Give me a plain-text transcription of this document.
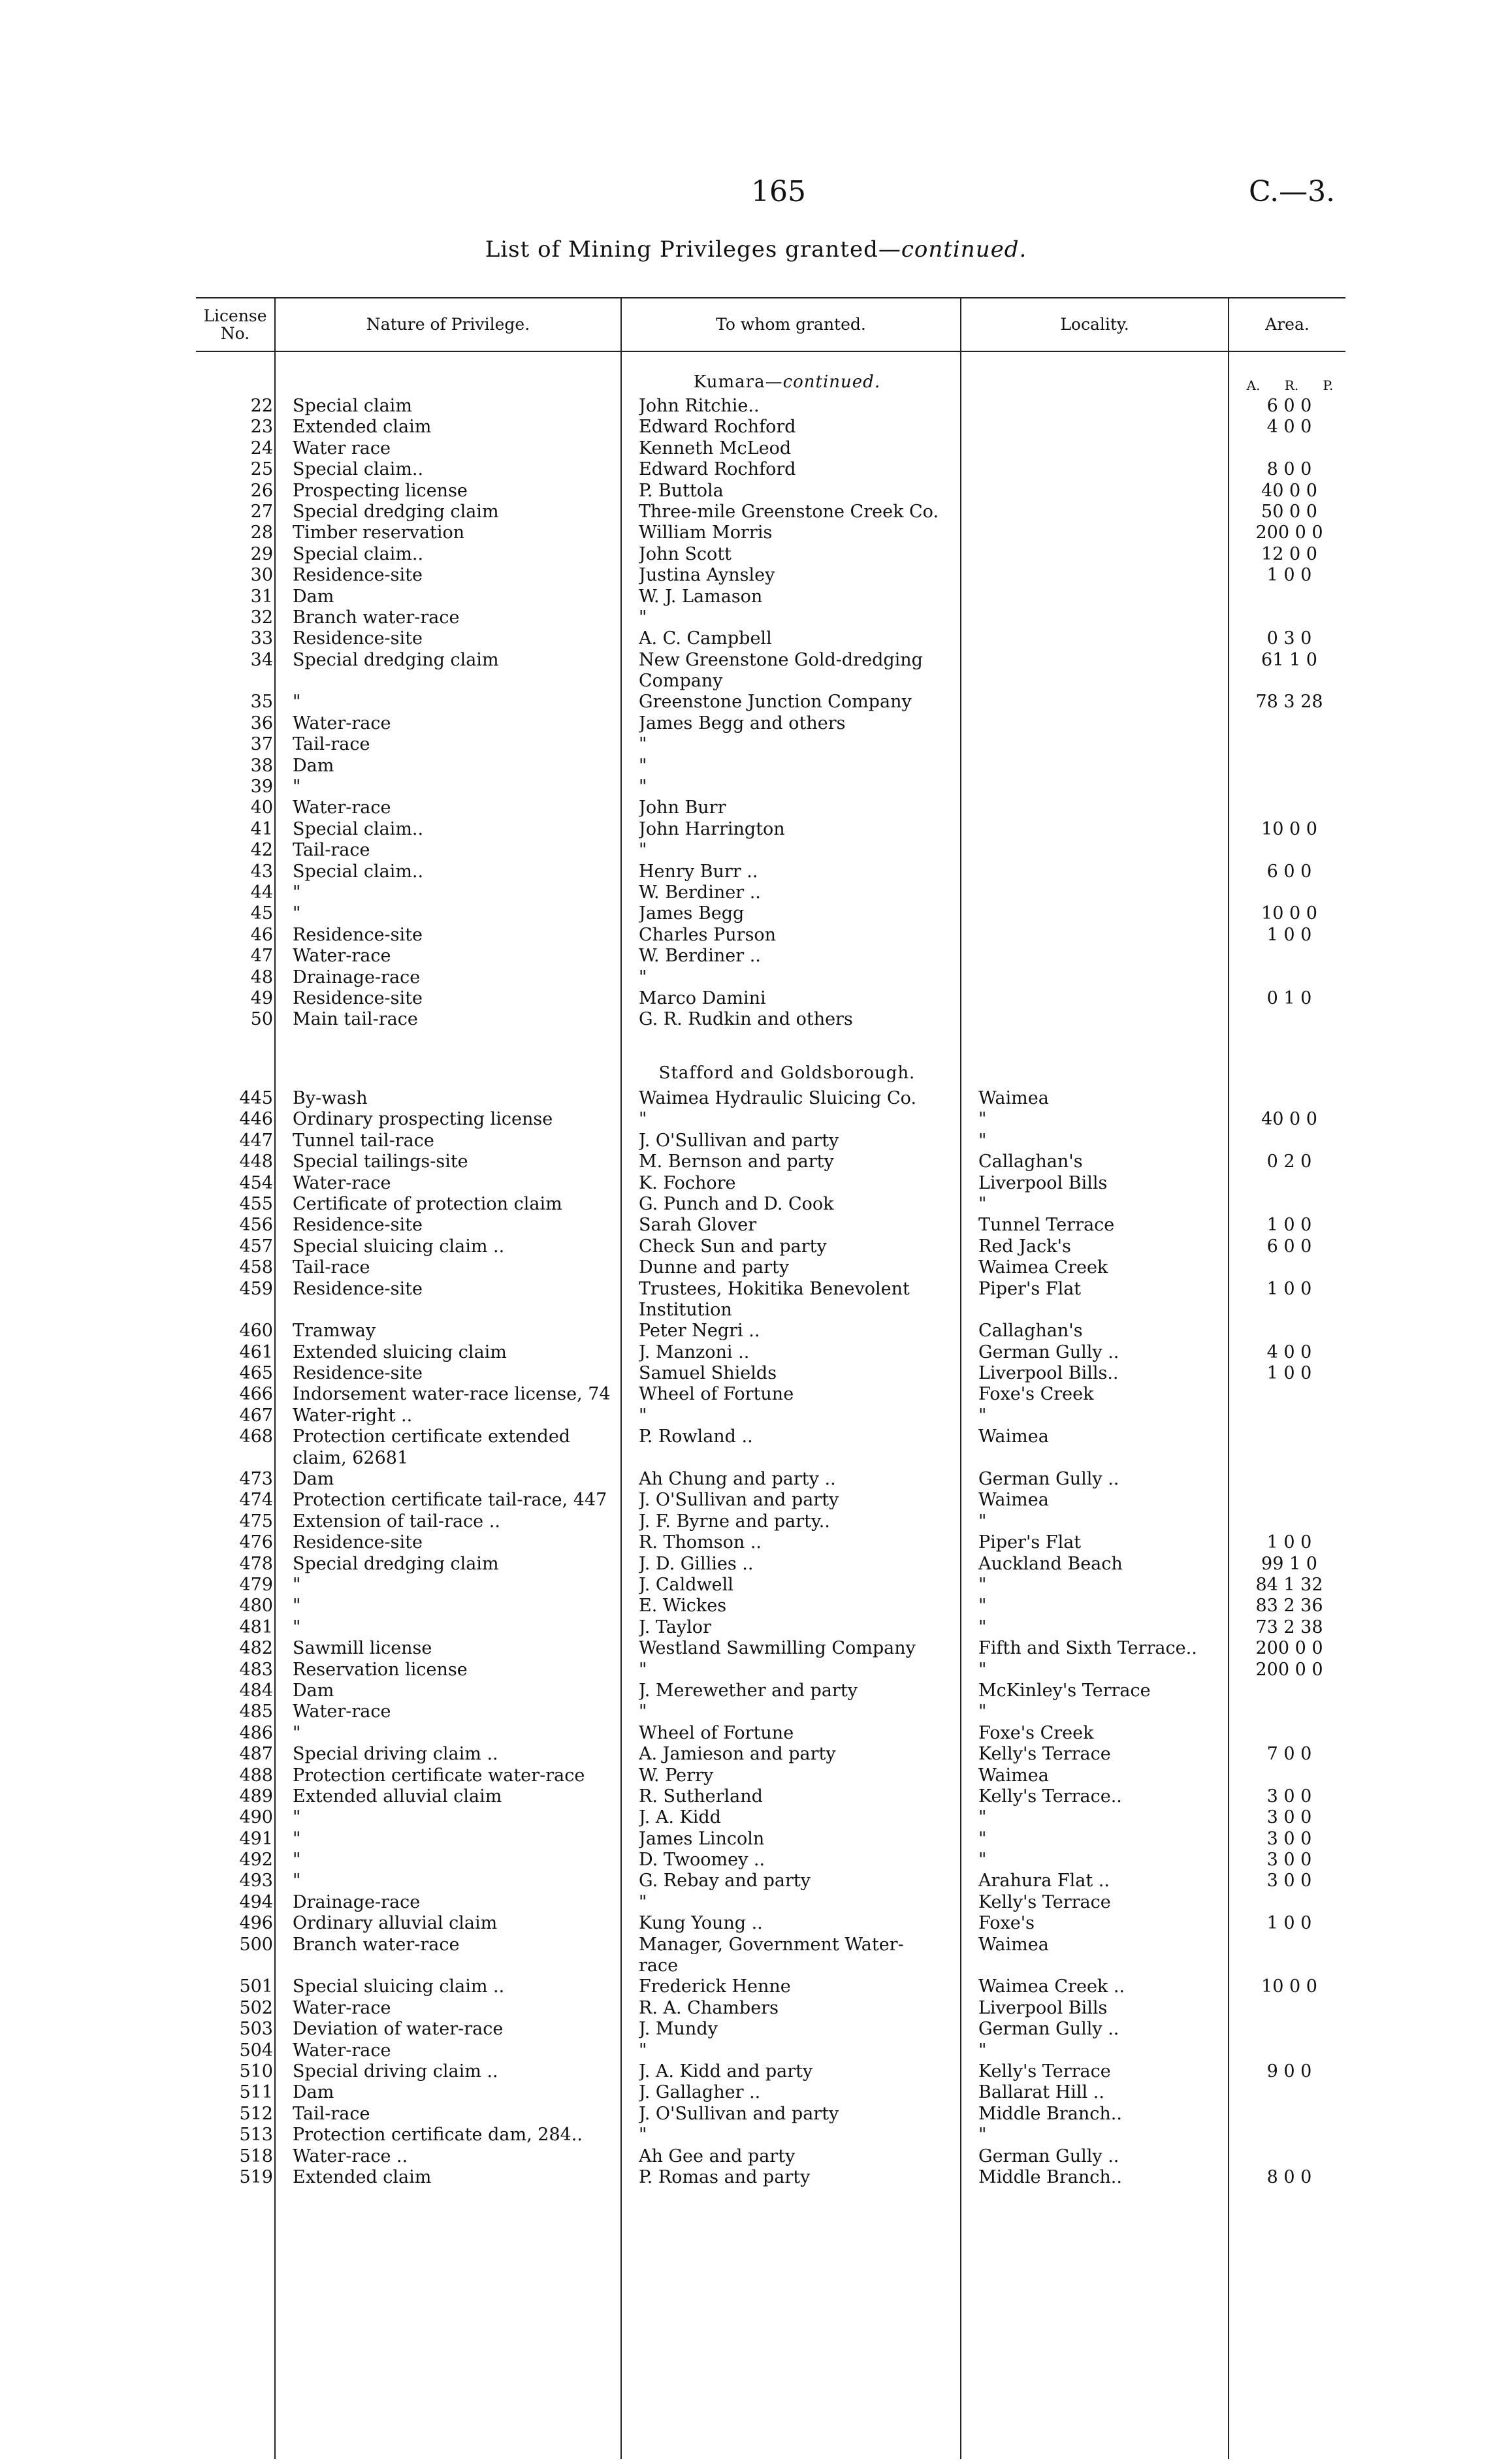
165	C.—3.
List of Mining Privileges granted—continued.
License No.	Nature of Privilege.	To whom granted.	Locality.	Area.
Kumara—continued.	A. R. P.
22 Special claim	John Ritchie..	6 0 0
23 Extended claim	Edward Rochford	4 0 0
24 Water race	Kenneth McLeod
25 Special claim..	Edward Rochford	8 0 0
26 Prospecting license	P. Buttola	40 0 0
27 Special dredging claim	Three-mile Greenstone Creek Co.	50 0 0
28 Timber reservation	William Morris	200 0 0
29 Special claim..	John Scott	12 0 0
30 Residence-site	Justina Aynsley	1 0 0
31 Dam	W. J. Lamason
32 Branch water-race	"
33 Residence-site	A. C. Campbell	0 3 0
34 Special dredging claim	New Greenstone Gold-dredging	61 1 0
Company
35 "	Greenstone Junction Company	78 3 28
36 Water-race	James Begg and others
37 Tail-race	"
38 Dam	"
39 "	"
40 Water-race	John Burr
41 Special claim..	John Harrington	10 0 0
42 Tail-race	"
43 Special claim..	Henry Burr ..	6 0 0
44 "	W. Berdiner ..
45 "	James Begg	10 0 0
46 Residence-site	Charles Purson	1 0 0
47 Water-race	W. Berdiner ..
48 Drainage-race	"
49 Residence-site	Marco Damini	0 1 0
50 Main tail-race	G. R. Rudkin and others
Stafford and Goldsborough.
445 By-wash	Waimea Hydraulic Sluicing Co.	Waimea
446 Ordinary prospecting license	"	"	40 0 0
447 Tunnel tail-race	J. O'Sullivan and party	"
448 Special tailings-site	M. Bernson and party	Callaghan's	0 2 0
454 Water-race	K. Fochore	Liverpool Bills
455 Certificate of protection claim	G. Punch and D. Cook	"
456 Residence-site	Sarah Glover	Tunnel Terrace	1 0 0
457 Special sluicing claim ..	Check Sun and party	Red Jack's	6 0 0
458 Tail-race	Dunne and party	Waimea Creek
459 Residence-site	Trustees, Hokitika Benevolent	Piper's Flat	1 0 0
Institution
460 Tramway	Peter Negri ..	Callaghan's
461 Extended sluicing claim	J. Manzoni ..	German Gully ..	4 0 0
465 Residence-site	Samuel Shields	Liverpool Bills..	1 0 0
466 Indorsement water-race license, 74	Wheel of Fortune	Foxe's Creek
467 Water-right ..	"	"
468 Protection certificate extended	P. Rowland ..	Waimea
claim, 62681
473 Dam	Ah Chung and party ..	German Gully ..
474 Protection certificate tail-race, 447	J. O'Sullivan and party	Waimea
475 Extension of tail-race ..	J. F. Byrne and party..	"
476 Residence-site	R. Thomson ..	Piper's Flat	1 0 0
478 Special dredging claim	J. D. Gillies ..	Auckland Beach	99 1 0
479 "	J. Caldwell	"	84 1 32
480 "	E. Wickes	"	83 2 36
481 "	J. Taylor	"	73 2 38
482 Sawmill license	Westland Sawmilling Company	Fifth and Sixth Terrace..	200 0 0
483 Reservation license	"	"	200 0 0
484 Dam	J. Merewether and party	McKinley's Terrace
485 Water-race	"	"
486 "	Wheel of Fortune	Foxe's Creek
487 Special driving claim ..	A. Jamieson and party	Kelly's Terrace	7 0 0
488 Protection certificate water-race	W. Perry	Waimea
489 Extended alluvial claim	R. Sutherland	Kelly's Terrace..	3 0 0
490 "	J. A. Kidd	"	3 0 0
491 "	James Lincoln	"	3 0 0
492 "	D. Twoomey ..	"	3 0 0
493 "	G. Rebay and party	Arahura Flat ..	3 0 0
494 Drainage-race	"	Kelly's Terrace
496 Ordinary alluvial claim	Kung Young ..	Foxe's	1 0 0
500 Branch water-race	Manager, Government Water-	Waimea
race
501 Special sluicing claim ..	Frederick Henne	Waimea Creek ..	10 0 0
502 Water-race	R. A. Chambers	Liverpool Bills
503 Deviation of water-race	J. Mundy	German Gully ..
504 Water-race	"	"
510 Special driving claim ..	J. A. Kidd and party	Kelly's Terrace	9 0 0
511 Dam	J. Gallagher ..	Ballarat Hill ..
512 Tail-race	J. O'Sullivan and party	Middle Branch..
513 Protection certificate dam, 284..	"	"
518 Water-race ..	Ah Gee and party	German Gully ..
519 Extended claim	P. Romas and party	Middle Branch..	8 0 0
